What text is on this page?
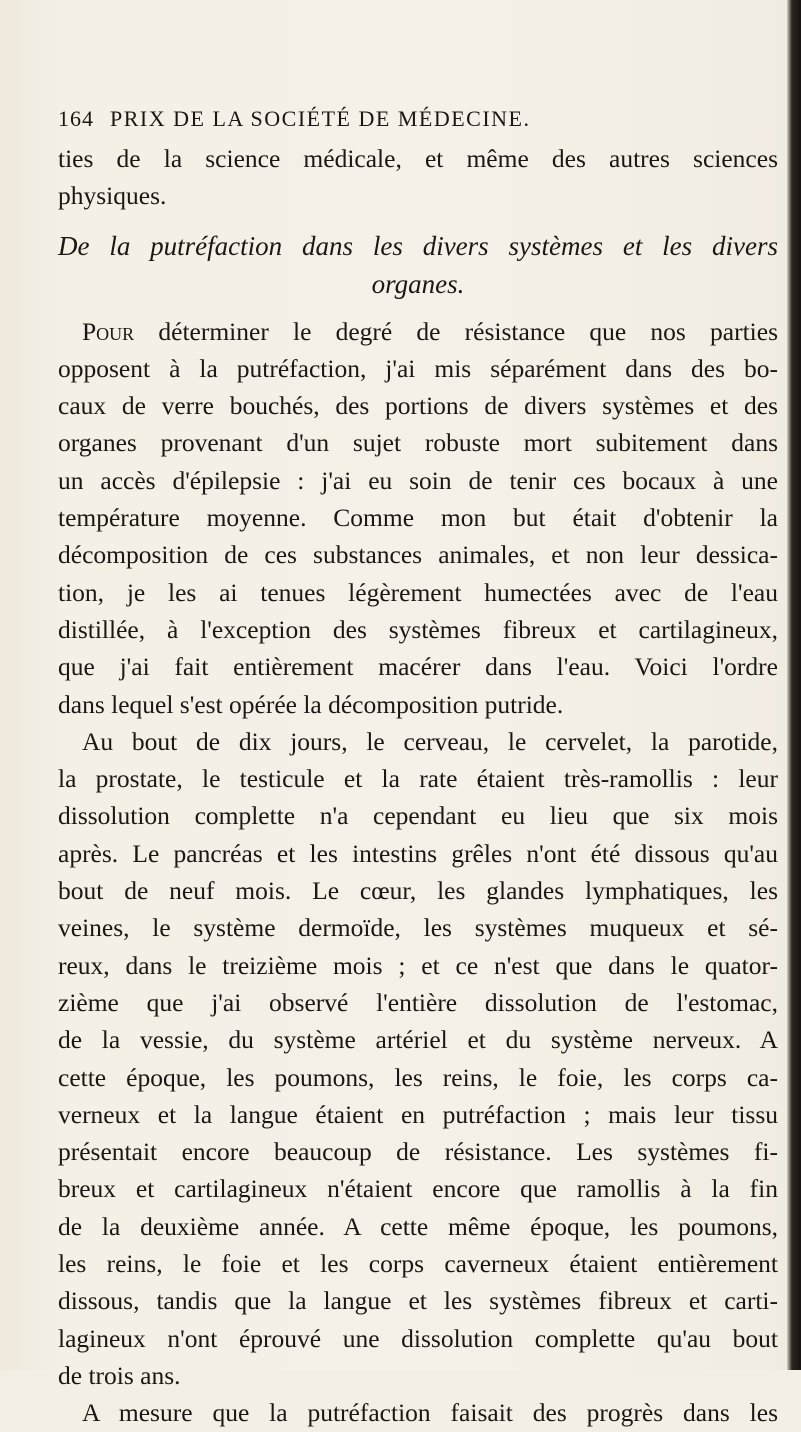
164 PRIX DE LA SOCIÉTÉ DE MÉDECINE.
ties de la science médicale, et même des autres sciences
physiques.
De la putréfaction dans les divers systèmes et les divers
organes.
Pour déterminer le degré de résistance que nos parties
opposent à la putréfaction, j'ai mis séparément dans des bo-
caux de verre bouchés, des portions de divers systèmes et des
organes provenant d'un sujet robuste mort subitement dans
un accès d'épilepsie : j'ai eu soin de tenir ces bocaux à une
température moyenne. Comme mon but était d'obtenir la
décomposition de ces substances animales, et non leur dessica-
tion, je les ai tenues légèrement humectées avec de l'eau
distillée, à l'exception des systèmes fibreux et cartilagineux,
que j'ai fait entièrement macérer dans l'eau. Voici l'ordre
dans lequel s'est opérée la décomposition putride.
Au bout de dix jours, le cerveau, le cervelet, la parotide,
la prostate, le testicule et la rate étaient très-ramollis : leur
dissolution complette n'a cependant eu lieu que six mois
après. Le pancréas et les intestins grêles n'ont été dissous qu'au
bout de neuf mois. Le cœur, les glandes lymphatiques, les
veines, le système dermoïde, les systèmes muqueux et sé-
reux, dans le treizième mois ; et ce n'est que dans le quator-
zième que j'ai observé l'entière dissolution de l'estomac,
de la vessie, du système artériel et du système nerveux. A
cette époque, les poumons, les reins, le foie, les corps ca-
verneux et la langue étaient en putréfaction ; mais leur tissu
présentait encore beaucoup de résistance. Les systèmes fi-
breux et cartilagineux n'étaient encore que ramollis à la fin
de la deuxième année. A cette même époque, les poumons,
les reins, le foie et les corps caverneux étaient entièrement
dissous, tandis que la langue et les systèmes fibreux et carti-
lagineux n'ont éprouvé une dissolution complette qu'au bout
de trois ans.
A mesure que la putréfaction faisait des progrès dans les
